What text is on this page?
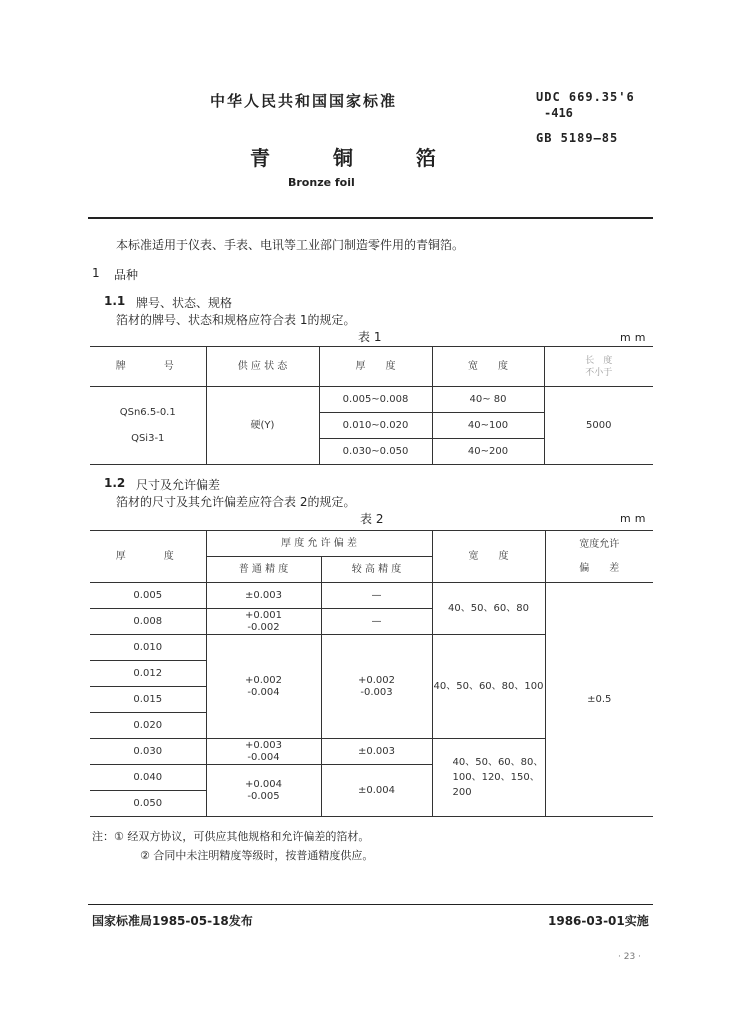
中华人民共和国国家标准	UDC 669.35'6
-416
GB 5189—85
青 铜 箔
Bronze foil
本标准适用于仪表、手表、电讯等工业部门制造零件用的青铜箔。
1 品种
1.1 牌号、状态、规格
箔材的牌号、状态和规格应符合表 1的规定。
表 1	mm
牌　　号	供 应 状 态	厚　　度	宽　　度	长　度
不小于

QSn6.5-0.1
QSi3-1	硬(Y)	0.005~0.008	40~ 80	5000
		0.010~0.020	40~100	
		0.030~0.050	40~200	
1.2 尺寸及允许偏差
箔材的尺寸及其允许偏差应符合表 2的规定。
表 2	mm
厚　　度	厚 度 允 许 偏 差		宽　　度	宽度允许
偏　　差

	普 通 精 度	较 高 精 度		
0.005	±0.003	—	40、50、60、80	±0.5
0.008	+0.001
-0.002	—		
0.010	+0.002
-0.004	+0.002
-0.003	40、50、60、80、100	
0.012				
0.015				
0.020				
0.030	+0.003
-0.004	±0.003	40、50、60、80、
100、120、150、
200	

0.040	+0.004
-0.005	±0.004		
0.050				
注：① 经双方协议，可供应其他规格和允许偏差的箔材。
② 合同中未注明精度等级时，按普通精度供应。
国家标准局1985-05-18发布	1986-03-01实施
· 23 ·
